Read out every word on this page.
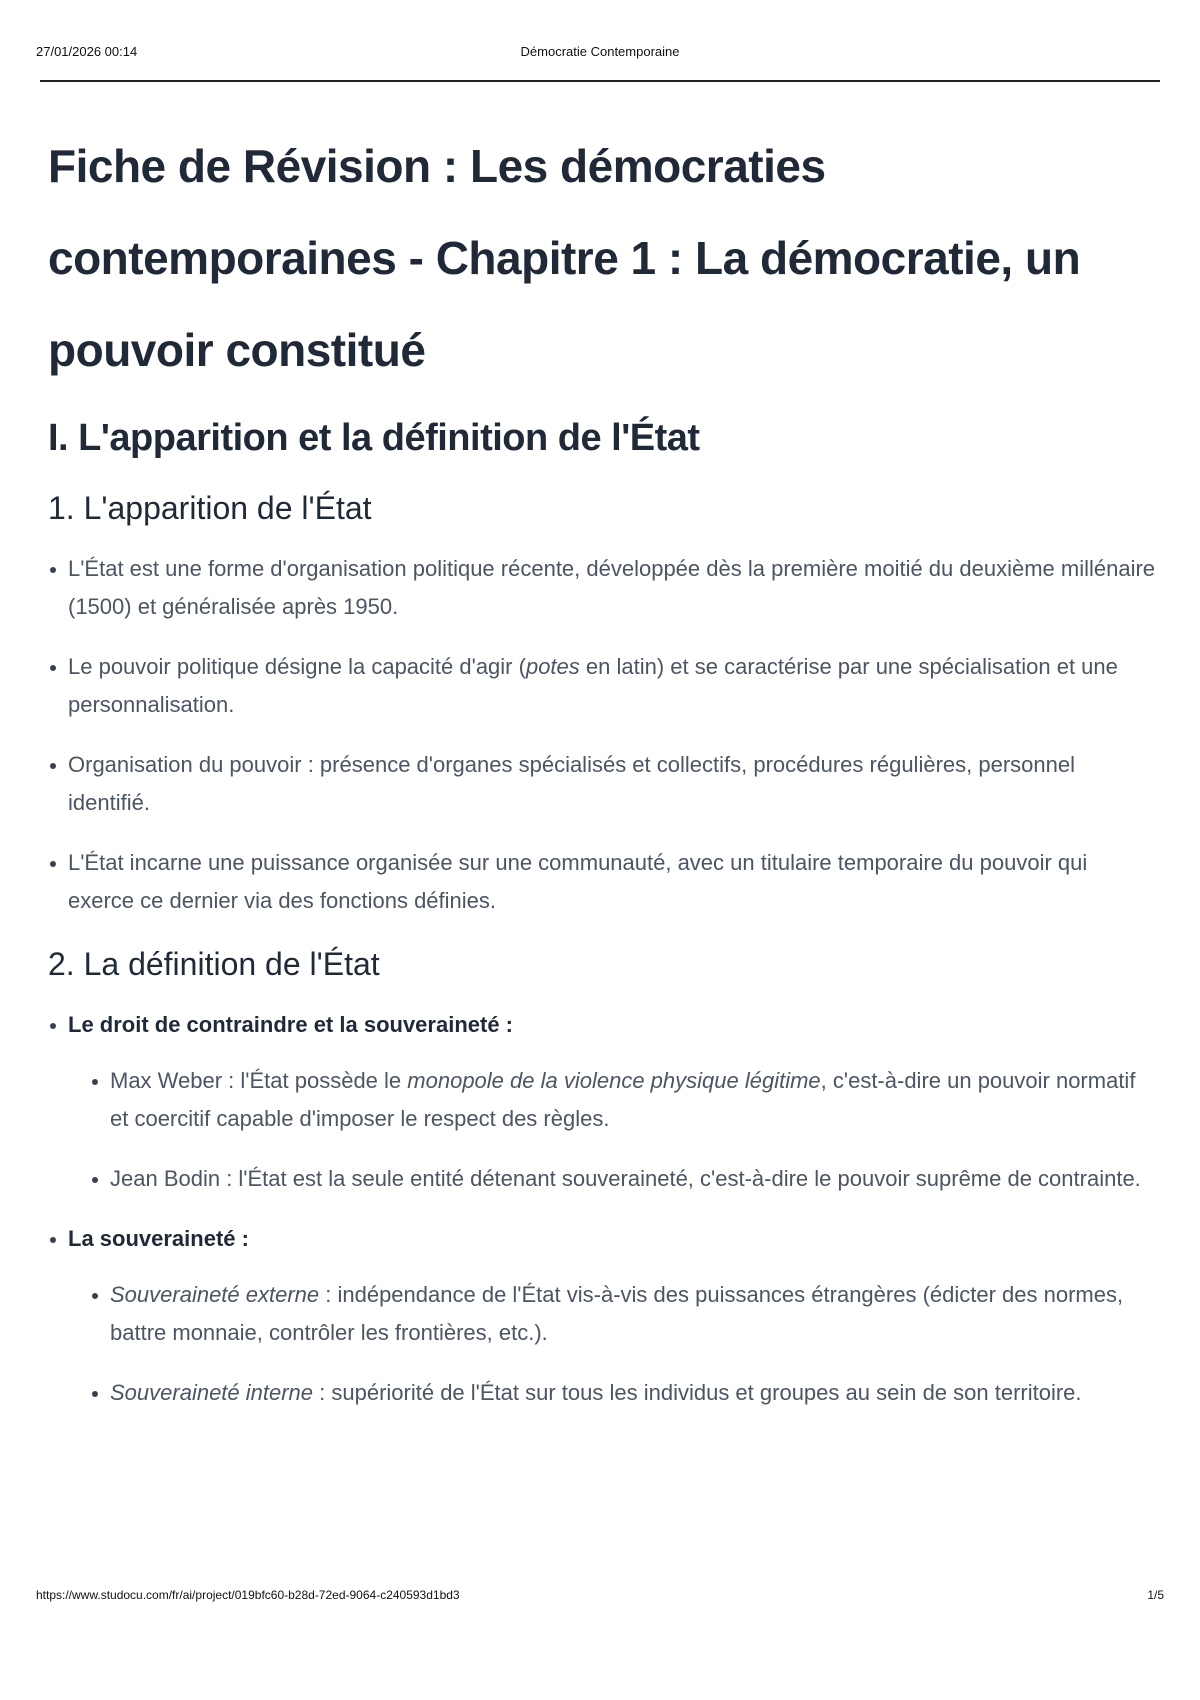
27/01/2026 00:14	Démocratie Contemporaine
Fiche de Révision : Les démocraties contemporaines - Chapitre 1 : La démocratie, un pouvoir constitué
I. L'apparition et la définition de l'État
1. L'apparition de l'État
L'État est une forme d'organisation politique récente, développée dès la première moitié du deuxième millénaire (1500) et généralisée après 1950.
Le pouvoir politique désigne la capacité d'agir (potes en latin) et se caractérise par une spécialisation et une personnalisation.
Organisation du pouvoir : présence d'organes spécialisés et collectifs, procédures régulières, personnel identifié.
L'État incarne une puissance organisée sur une communauté, avec un titulaire temporaire du pouvoir qui exerce ce dernier via des fonctions définies.
2. La définition de l'État
Le droit de contraindre et la souveraineté :
Max Weber : l'État possède le monopole de la violence physique légitime, c'est-à-dire un pouvoir normatif et coercitif capable d'imposer le respect des règles.
Jean Bodin : l'État est la seule entité détenant souveraineté, c'est-à-dire le pouvoir suprême de contrainte.
La souveraineté :
Souveraineté externe : indépendance de l'État vis-à-vis des puissances étrangères (édicter des normes, battre monnaie, contrôler les frontières, etc.).
Souveraineté interne : supériorité de l'État sur tous les individus et groupes au sein de son territoire.
https://www.studocu.com/fr/ai/project/019bfc60-b28d-72ed-9064-c240593d1bd3	1/5
